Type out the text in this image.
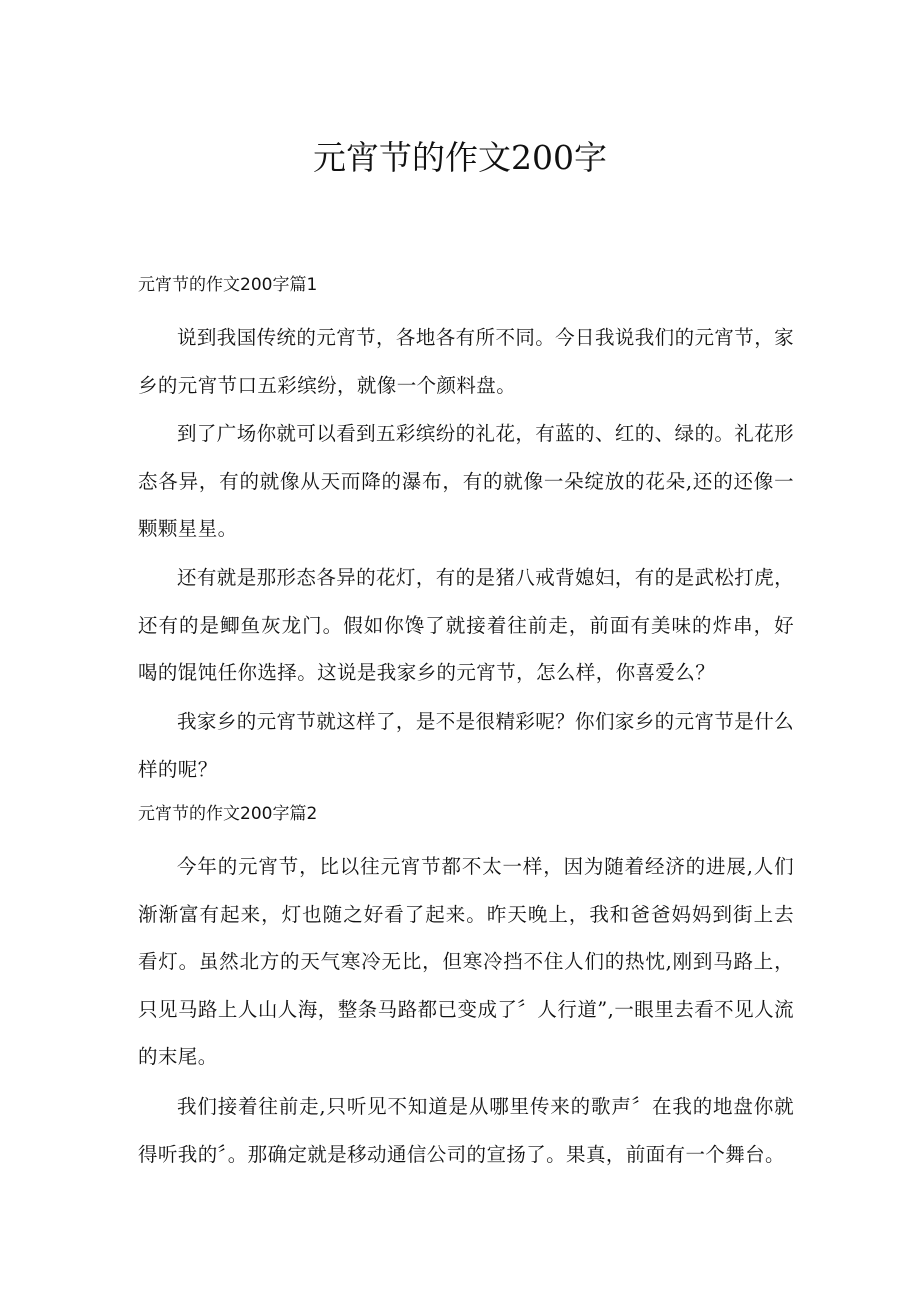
元宵节的作文200字
元宵节的作文200字篇1

说到我国传统的元宵节，各地各有所不同。今日我说我们的元宵节，家乡的元宵节口五彩缤纷，就像一个颜料盘。

到了广场你就可以看到五彩缤纷的礼花，有蓝的、红的、绿的。礼花形态各异，有的就像从天而降的瀑布，有的就像一朵绽放的花朵,还的还像一颗颗星星。

还有就是那形态各异的花灯，有的是猪八戒背媳妇，有的是武松打虎，还有的是鲫鱼灰龙门。假如你馋了就接着往前走，前面有美味的炸串，好喝的馄饨任你选择。这说是我家乡的元宵节，怎么样，你喜爱么？

我家乡的元宵节就这样了，是不是很精彩呢？你们家乡的元宵节是什么样的呢？

元宵节的作文200字篇2

今年的元宵节，比以往元宵节都不太一样，因为随着经济的进展,人们渐渐富有起来，灯也随之好看了起来。昨天晚上，我和爸爸妈妈到街上去看灯。虽然北方的天气寒冷无比，但寒冷挡不住人们的热忱,刚到马路上，只见马路上人山人海，整条马路都已变成了〞人行道”,一眼里去看不见人流的末尾。

我们接着往前走,只听见不知道是从哪里传来的歌声〞在我的地盘你就得听我的〞。那确定就是移动通信公司的宣扬了。果真，前面有一个舞台。
